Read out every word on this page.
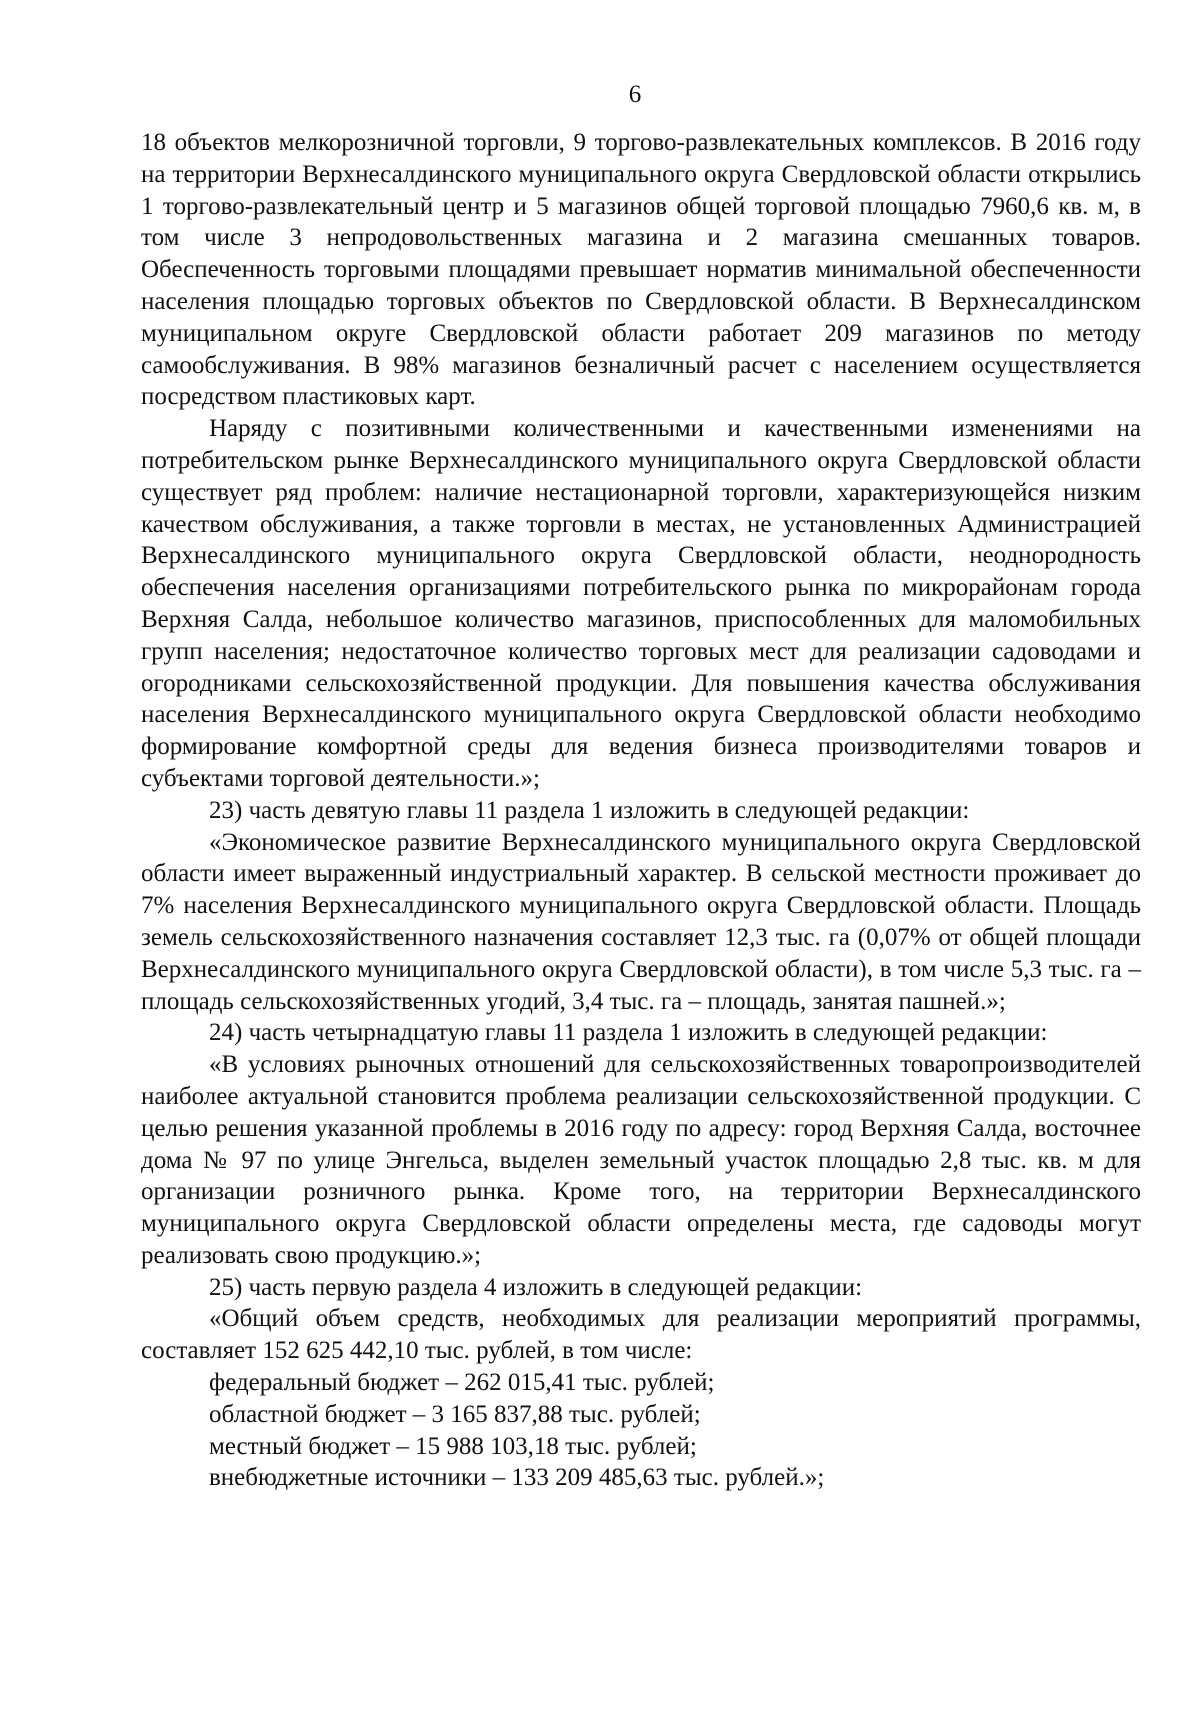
6

18 объектов мелкорозничной торговли, 9 торгово-развлекательных комплексов. В 2016 году на территории Верхнесалдинского муниципального округа Свердловской области открылись 1 торгово-развлекательный центр и 5 магазинов общей торговой площадью 7960,6 кв. м, в том числе 3 непродовольственных магазина и 2 магазина смешанных товаров. Обеспеченность торговыми площадями превышает норматив минимальной обеспеченности населения площадью торговых объектов по Свердловской области. В Верхнесалдинском муниципальном округе Свердловской области работает 209 магазинов по методу самообслуживания. В 98% магазинов безналичный расчет с населением осуществляется посредством пластиковых карт.

Наряду с позитивными количественными и качественными изменениями на потребительском рынке Верхнесалдинского муниципального округа Свердловской области существует ряд проблем: наличие нестационарной торговли, характеризующейся низким качеством обслуживания, а также торговли в местах, не установленных Администрацией Верхнесалдинского муниципального округа Свердловской области, неоднородность обеспечения населения организациями потребительского рынка по микрорайонам города Верхняя Салда, небольшое количество магазинов, приспособленных для маломобильных групп населения; недостаточное количество торговых мест для реализации садоводами и огородниками сельскохозяйственной продукции. Для повышения качества обслуживания населения Верхнесалдинского муниципального округа Свердловской области необходимо формирование комфортной среды для ведения бизнеса производителями товаров и субъектами торговой деятельности.»;

23) часть девятую главы 11 раздела 1 изложить в следующей редакции:

«Экономическое развитие Верхнесалдинского муниципального округа Свердловской области имеет выраженный индустриальный характер. В сельской местности проживает до 7% населения Верхнесалдинского муниципального округа Свердловской области. Площадь земель сельскохозяйственного назначения составляет 12,3 тыс. га (0,07% от общей площади Верхнесалдинского муниципального округа Свердловской области), в том числе 5,3 тыс. га – площадь сельскохозяйственных угодий, 3,4 тыс. га – площадь, занятая пашней.»;

24) часть четырнадцатую главы 11 раздела 1 изложить в следующей редакции:

«В условиях рыночных отношений для сельскохозяйственных товаропроизводителей наиболее актуальной становится проблема реализации сельскохозяйственной продукции. С целью решения указанной проблемы в 2016 году по адресу: город Верхняя Салда, восточнее дома № 97 по улице Энгельса, выделен земельный участок площадью 2,8 тыс. кв. м для организации розничного рынка. Кроме того, на территории Верхнесалдинского муниципального округа Свердловской области определены места, где садоводы могут реализовать свою продукцию.»;

25) часть первую раздела 4 изложить в следующей редакции:

«Общий объем средств, необходимых для реализации мероприятий программы, составляет 152 625 442,10 тыс. рублей, в том числе:

федеральный бюджет – 262 015,41 тыс. рублей;

областной бюджет – 3 165 837,88 тыс. рублей;

местный бюджет – 15 988 103,18 тыс. рублей;

внебюджетные источники – 133 209 485,63 тыс. рублей.»;
